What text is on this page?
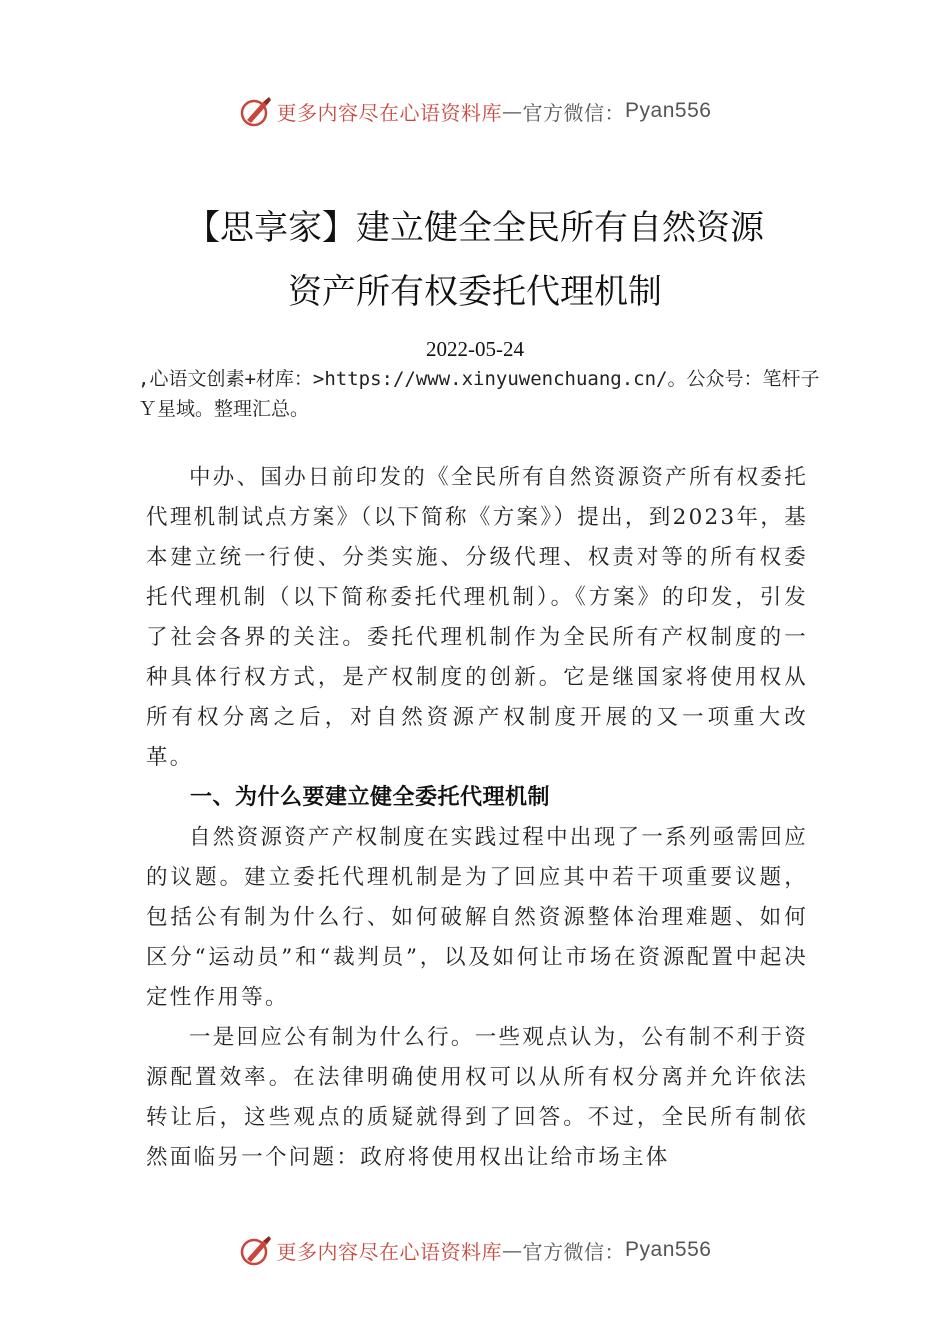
更多内容尽在心语资料库 — 官方微信： Pyan556
【思享家】建立健全全民所有自然资源
资产所有权委托代理机制
2022-05-24
,心语文创素+材库：>https://www.xinyuwenchuang.cn/。公众号：笔杆子Ｙ星域。整理汇总。

中办、国办日前印发的《全民所有自然资源资产所有权委托代理机制试点方案》（以下简称《方案》）提出，到2023年，基本建立统一行使、分类实施、分级代理、权责对等的所有权委托代理机制（以下简称委托代理机制）。《方案》的印发，引发了社会各界的关注。委托代理机制作为全民所有产权制度的一种具体行权方式，是产权制度的创新。它是继国家将使用权从所有权分离之后，对自然资源产权制度开展的又一项重大改革。

一、为什么要建立健全委托代理机制

自然资源资产产权制度在实践过程中出现了一系列亟需回应的议题。建立委托代理机制是为了回应其中若干项重要议题，包括公有制为什么行、如何破解自然资源整体治理难题、如何区分“运动员”和“裁判员”，以及如何让市场在资源配置中起决定性作用等。

一是回应公有制为什么行。一些观点认为，公有制不利于资源配置效率。在法律明确使用权可以从所有权分离并允许依法转让后，这些观点的质疑就得到了回答。不过，全民所有制依然面临另一个问题：政府将使用权出让给市场主体

更多内容尽在心语资料库 — 官方微信： Pyan556
